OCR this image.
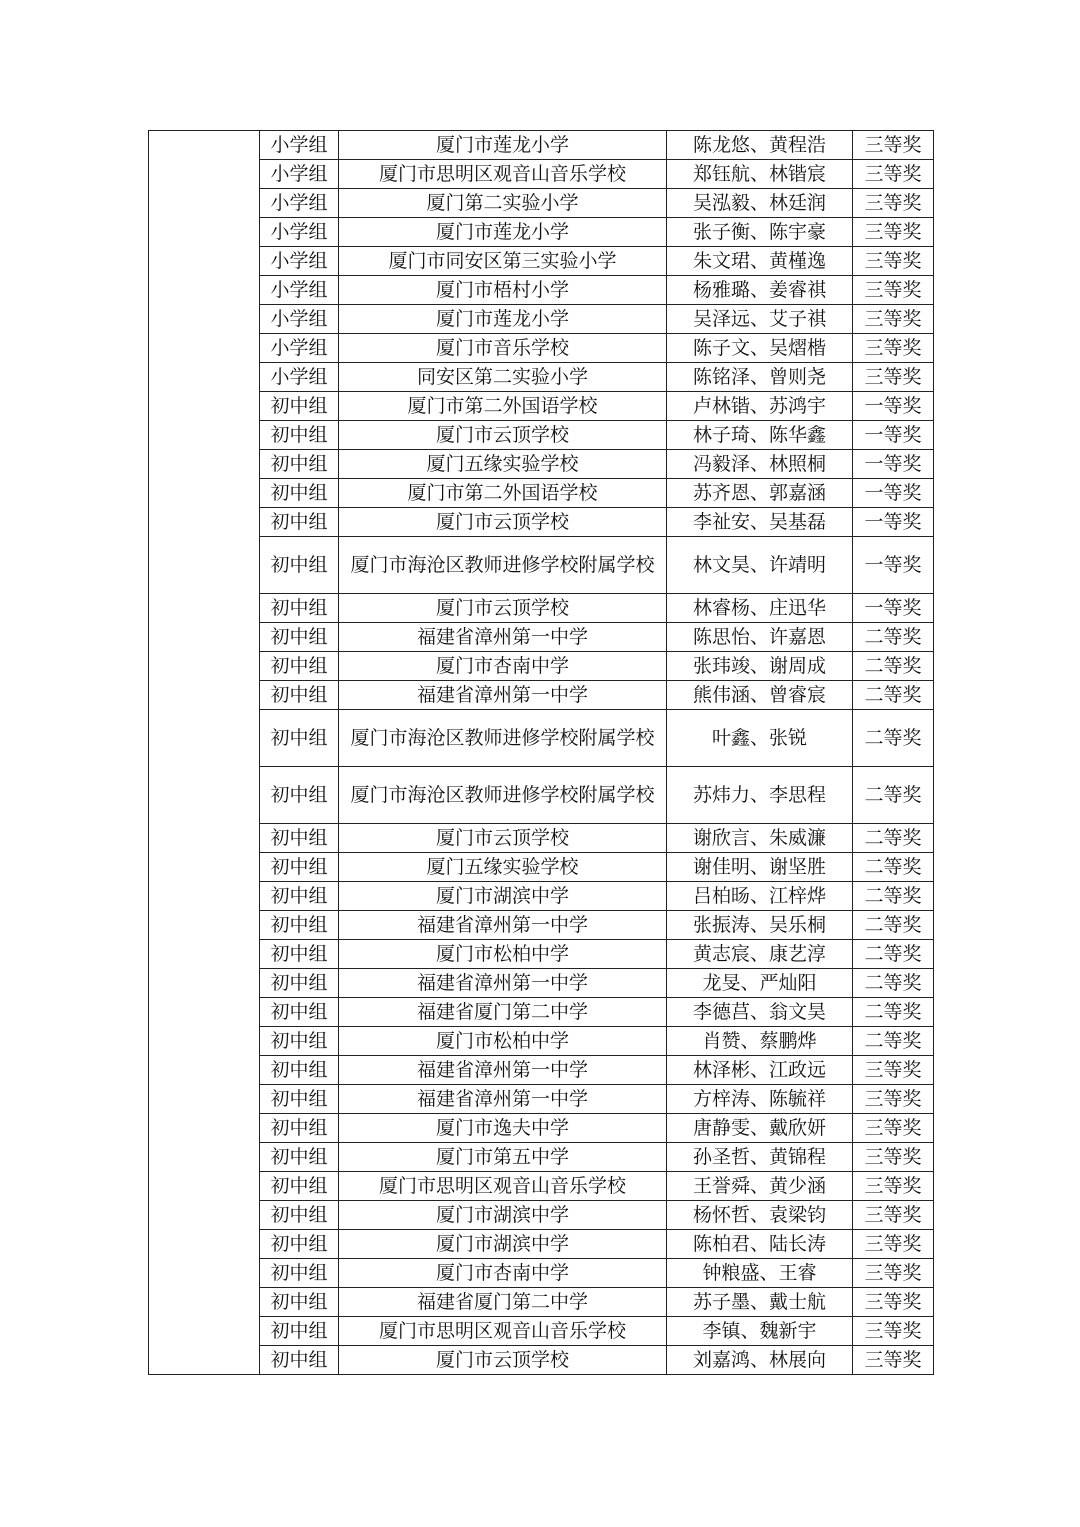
	小学组	厦门市莲龙小学	陈龙悠、黄程浩	三等奖
	小学组	厦门市思明区观音山音乐学校	郑钰航、林锴宸	三等奖
	小学组	厦门第二实验小学	吴泓毅、林廷润	三等奖
	小学组	厦门市莲龙小学	张子衡、陈宇豪	三等奖
	小学组	厦门市同安区第三实验小学	朱文珺、黄槿逸	三等奖
	小学组	厦门市梧村小学	杨雅璐、姜睿祺	三等奖
	小学组	厦门市莲龙小学	吴泽远、艾子祺	三等奖
	小学组	厦门市音乐学校	陈子文、吴熠楷	三等奖
	小学组	同安区第二实验小学	陈铭泽、曾则尧	三等奖
	初中组	厦门市第二外国语学校	卢林锴、苏鸿宇	一等奖
	初中组	厦门市云顶学校	林子琦、陈华鑫	一等奖
	初中组	厦门五缘实验学校	冯毅泽、林照桐	一等奖
	初中组	厦门市第二外国语学校	苏齐恩、郭嘉涵	一等奖
	初中组	厦门市云顶学校	李祉安、吴基磊	一等奖
	初中组	厦门市海沧区教师进修学校附属学校	林文昊、许靖明	一等奖
	初中组	厦门市云顶学校	林睿杨、庄迅华	一等奖
	初中组	福建省漳州第一中学	陈思怡、许嘉恩	二等奖
	初中组	厦门市杏南中学	张玮竣、谢周成	二等奖
	初中组	福建省漳州第一中学	熊伟涵、曾睿宸	二等奖
	初中组	厦门市海沧区教师进修学校附属学校	叶鑫、张锐	二等奖
	初中组	厦门市海沧区教师进修学校附属学校	苏炜力、李思程	二等奖
	初中组	厦门市云顶学校	谢欣言、朱威濂	二等奖
	初中组	厦门五缘实验学校	谢佳明、谢坚胜	二等奖
	初中组	厦门市湖滨中学	吕柏旸、江梓烨	二等奖
	初中组	福建省漳州第一中学	张振涛、吴乐桐	二等奖
	初中组	厦门市松柏中学	黄志宸、康艺淳	二等奖
	初中组	福建省漳州第一中学	龙旻、严灿阳	二等奖
	初中组	福建省厦门第二中学	李德莒、翁文昊	二等奖
	初中组	厦门市松柏中学	肖赞、蔡鹏烨	二等奖
	初中组	福建省漳州第一中学	林泽彬、江政远	三等奖
	初中组	福建省漳州第一中学	方梓涛、陈毓祥	三等奖
	初中组	厦门市逸夫中学	唐静雯、戴欣妍	三等奖
	初中组	厦门市第五中学	孙圣哲、黄锦程	三等奖
	初中组	厦门市思明区观音山音乐学校	王誉舜、黄少涵	三等奖
	初中组	厦门市湖滨中学	杨怀哲、袁梁钧	三等奖
	初中组	厦门市湖滨中学	陈柏君、陆长涛	三等奖
	初中组	厦门市杏南中学	钟粮盛、王睿	三等奖
	初中组	福建省厦门第二中学	苏子墨、戴士航	三等奖
	初中组	厦门市思明区观音山音乐学校	李镇、魏新宇	三等奖
	初中组	厦门市云顶学校	刘嘉鸿、林展向	三等奖
